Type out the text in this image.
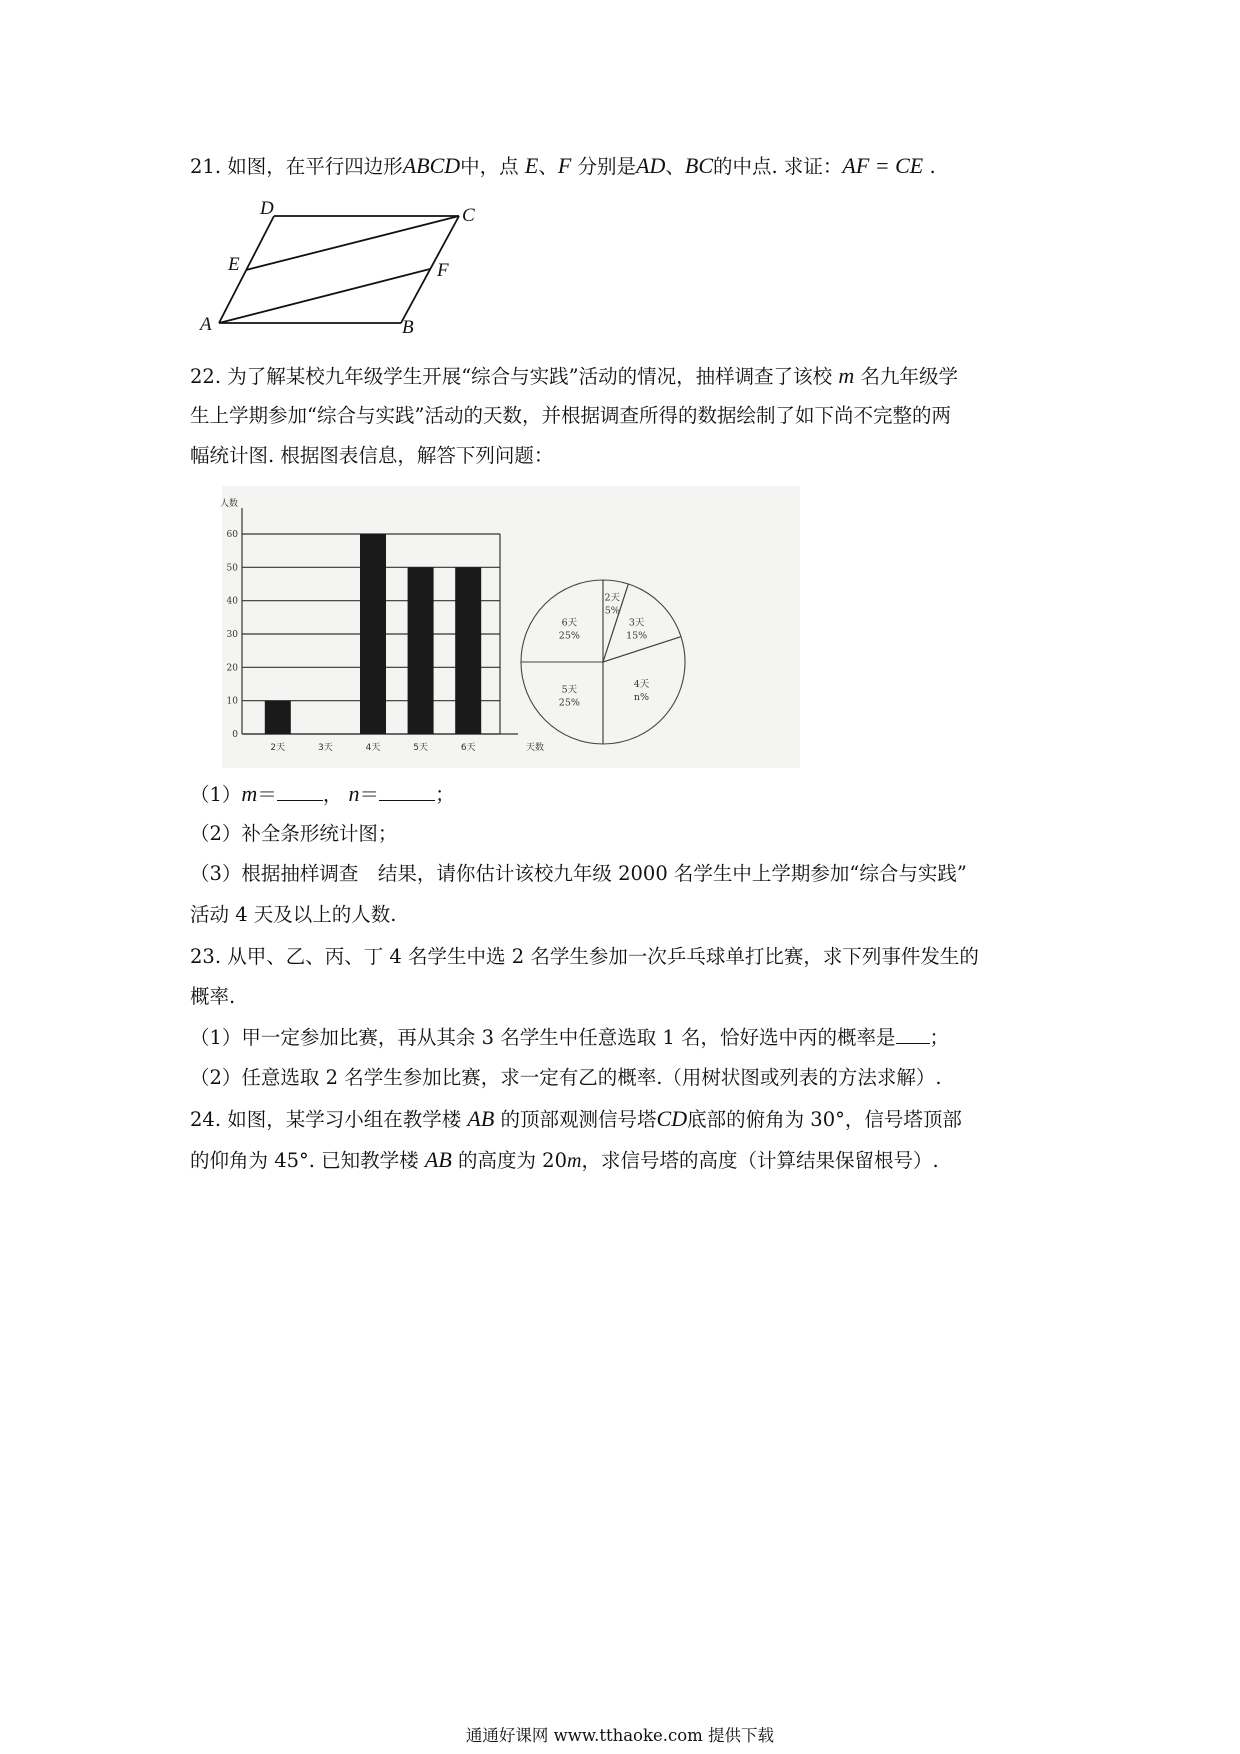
21. 如图，在平行四边形ABCD中，点 E、F 分别是AD、BC的中点. 求证：AF = CE .
D	C
E	F
A	B
22. 为了解某校九年级学生开展“综合与实践”活动的情况，抽样调查了该校 m 名九年级学
生上学期参加“综合与实践”活动的天数，并根据调查所得的数据绘制了如下尚不完整的两
幅统计图. 根据图表信息，解答下列问题：
0
10
20
30
40
50
60
人数
天数
2天	3天	4天	5天	6天
2天
5%
3天
15%
4天
n%
5天
25%
6天
25%
（1）m＝ ， n＝	；
（2）补全条形统计图；
（3）根据抽样调查　结果，请你估计该校九年级 2000 名学生中上学期参加“综合与实践”
活动 4 天及以上的人数.
23. 从甲、乙、丙、丁 4 名学生中选 2 名学生参加一次乒乓球单打比赛，求下列事件发生的
概率.
（1）甲一定参加比赛，再从其余 3 名学生中任意选取 1 名，恰好选中丙的概率是 ；
（2）任意选取 2 名学生参加比赛，求一定有乙的概率.（用树状图或列表的方法求解）.
24. 如图，某学习小组在教学楼 AB 的顶部观测信号塔CD底部的俯角为 30°，信号塔顶部
的仰角为 45°. 已知教学楼 AB 的高度为 20m，求信号塔的高度（计算结果保留根号）.
通通好课网 www.tthaoke.com 提供下载
